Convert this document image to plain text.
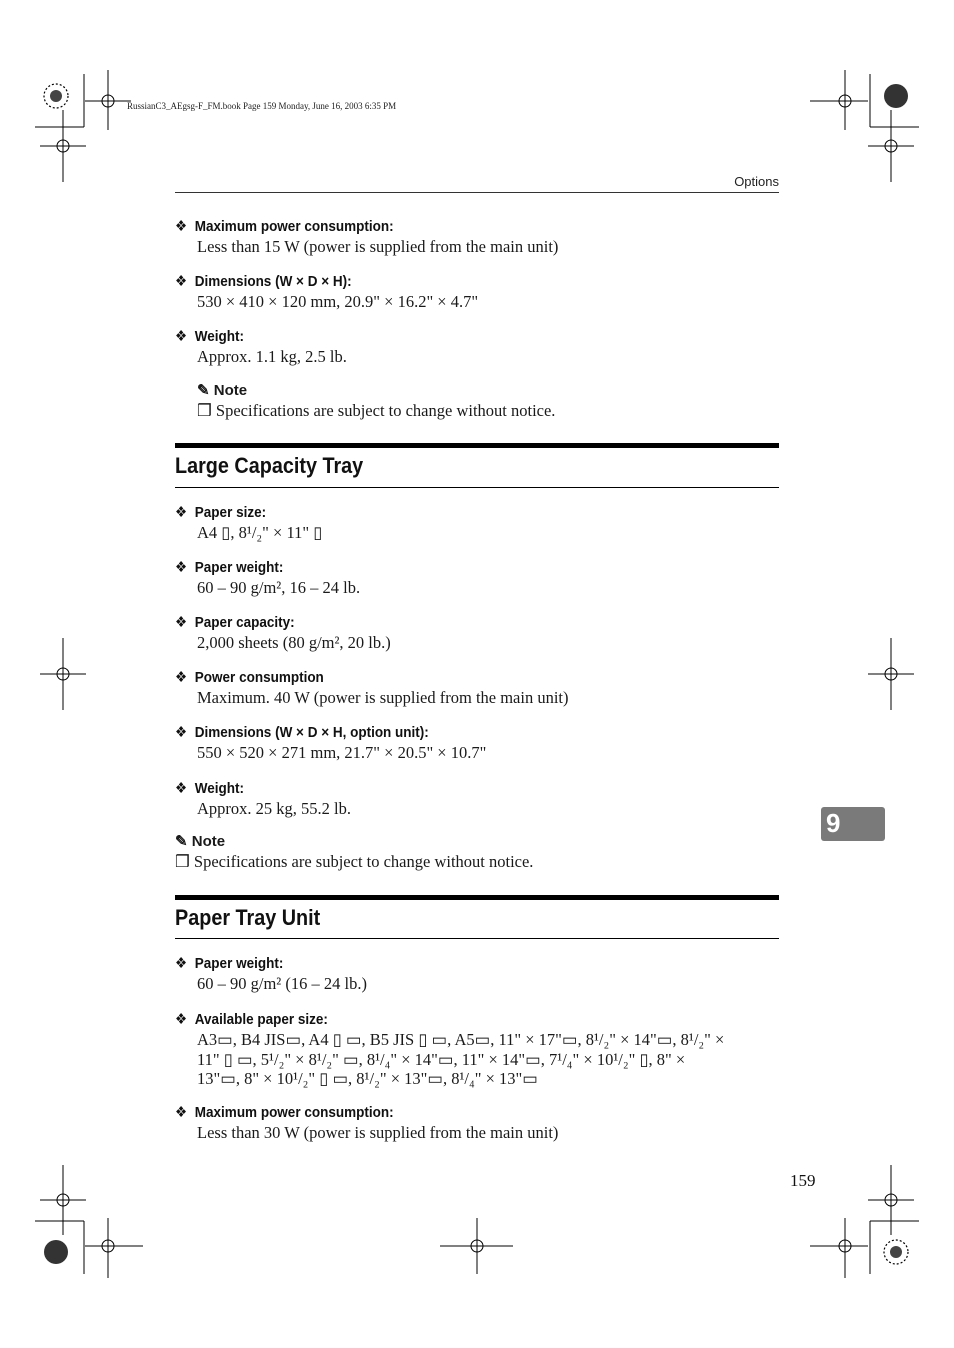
RussianC3_AEgsg-F_FM.book Page 159 Monday, June 16, 2003 6:35 PM
Options
❖ Maximum power consumption:
Less than 15 W (power is supplied from the main unit)
❖ Dimensions (W × D × H):
530 × 410 × 120 mm, 20.9" × 16.2" × 4.7"
❖ Weight:
Approx. 1.1 kg, 2.5 lb.
✎ Note
❒ Specifications are subject to change without notice.
Large Capacity Tray
❖ Paper size:
A4 ▯, 8¹/₂" × 11" ▯
❖ Paper weight:
60 – 90 g/m², 16 – 24 lb.
❖ Paper capacity:
2,000 sheets (80 g/m², 20 lb.)
❖ Power consumption
Maximum. 40 W (power is supplied from the main unit)
❖ Dimensions (W × D × H, option unit):
550 × 520 × 271 mm, 21.7" × 20.5" × 10.7"
❖ Weight:
Approx. 25 kg, 55.2 lb.
✎ Note
❒ Specifications are subject to change without notice.
Paper Tray Unit
❖ Paper weight:
60 – 90 g/m² (16 – 24 lb.)
❖ Available paper size:
A3▭, B4 JIS▭, A4 ▯ ▭, B5 JIS ▯ ▭, A5▭, 11" × 17"▭, 8¹/₂" × 14"▭, 8¹/₂" ×
11" ▯ ▭, 5¹/₂" × 8¹/₂" ▭, 8¹/₄" × 14"▭, 11" × 14"▭, 7¹/₄" × 10¹/₂" ▯, 8" ×
13"▭, 8" × 10¹/₂" ▯ ▭, 8¹/₂" × 13"▭, 8¹/₄" × 13"▭
❖ Maximum power consumption:
Less than 30 W (power is supplied from the main unit)
9
159
